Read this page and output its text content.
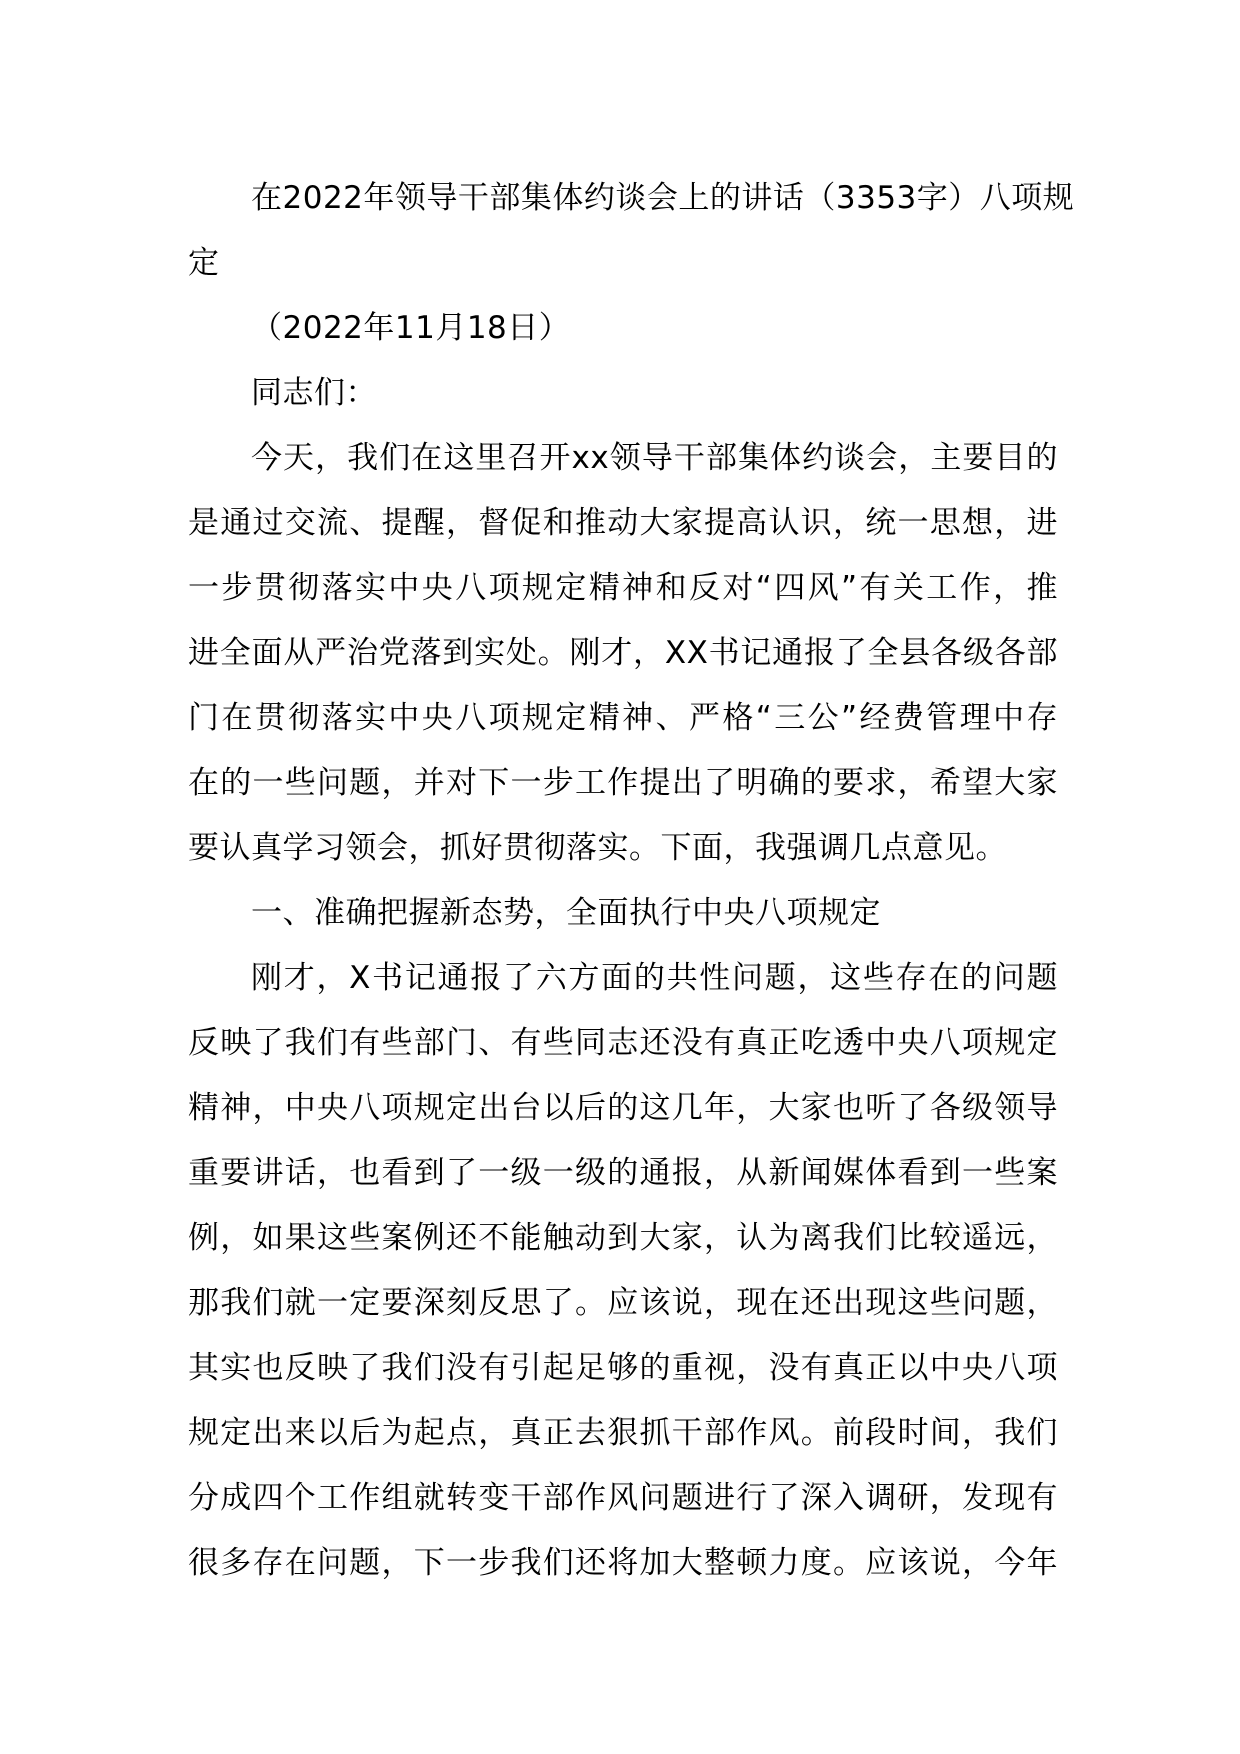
在2022年领导干部集体约谈会上的讲话（3353字）八项规
定
（2022年11月18日）
同志们：
今天，我们在这里召开xx领导干部集体约谈会，主要目的
是通过交流、提醒，督促和推动大家提高认识，统一思想，进
一步贯彻落实中央八项规定精神和反对“四风”有关工作，推
进全面从严治党落到实处。刚才，XX书记通报了全县各级各部
门在贯彻落实中央八项规定精神、严格“三公”经费管理中存
在的一些问题，并对下一步工作提出了明确的要求，希望大家
要认真学习领会，抓好贯彻落实。下面，我强调几点意见。
一、准确把握新态势，全面执行中央八项规定
刚才，X书记通报了六方面的共性问题，这些存在的问题
反映了我们有些部门、有些同志还没有真正吃透中央八项规定
精神，中央八项规定出台以后的这几年，大家也听了各级领导
重要讲话，也看到了一级一级的通报，从新闻媒体看到一些案
例，如果这些案例还不能触动到大家，认为离我们比较遥远，
那我们就一定要深刻反思了。应该说，现在还出现这些问题，
其实也反映了我们没有引起足够的重视，没有真正以中央八项
规定出来以后为起点，真正去狠抓干部作风。前段时间，我们
分成四个工作组就转变干部作风问题进行了深入调研，发现有
很多存在问题，下一步我们还将加大整顿力度。应该说，今年
